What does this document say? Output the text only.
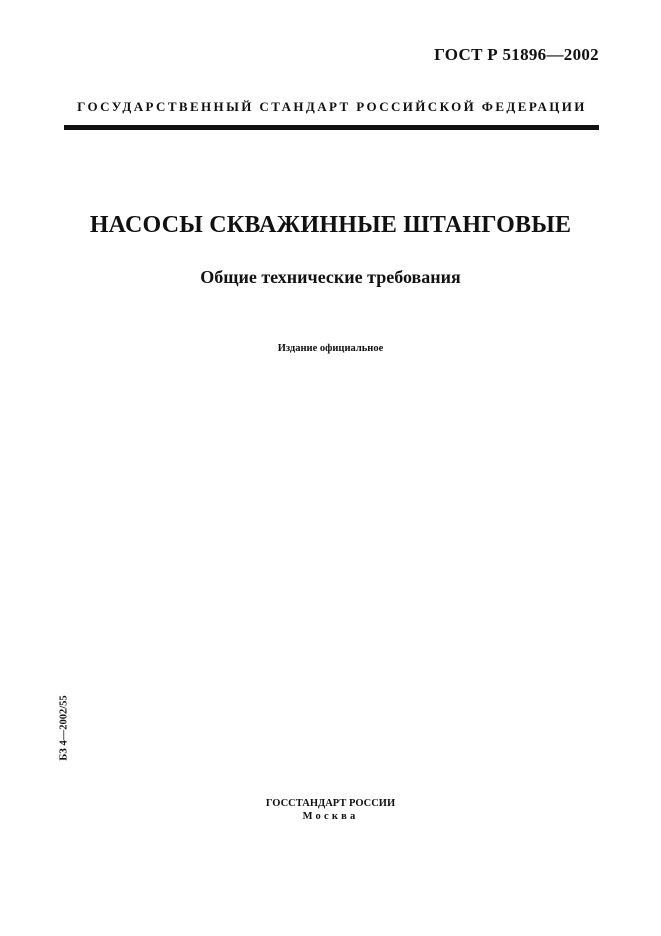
ГОСТ Р 51896—2002
ГОСУДАРСТВЕННЫЙ СТАНДАРТ РОССИЙСКОЙ ФЕДЕРАЦИИ
НАСОСЫ СКВАЖИННЫЕ ШТАНГОВЫЕ
Общие технические требования
Издание официальное
БЗ 4—2002/55
ГОССТАНДАРТ РОССИИ
Москва
